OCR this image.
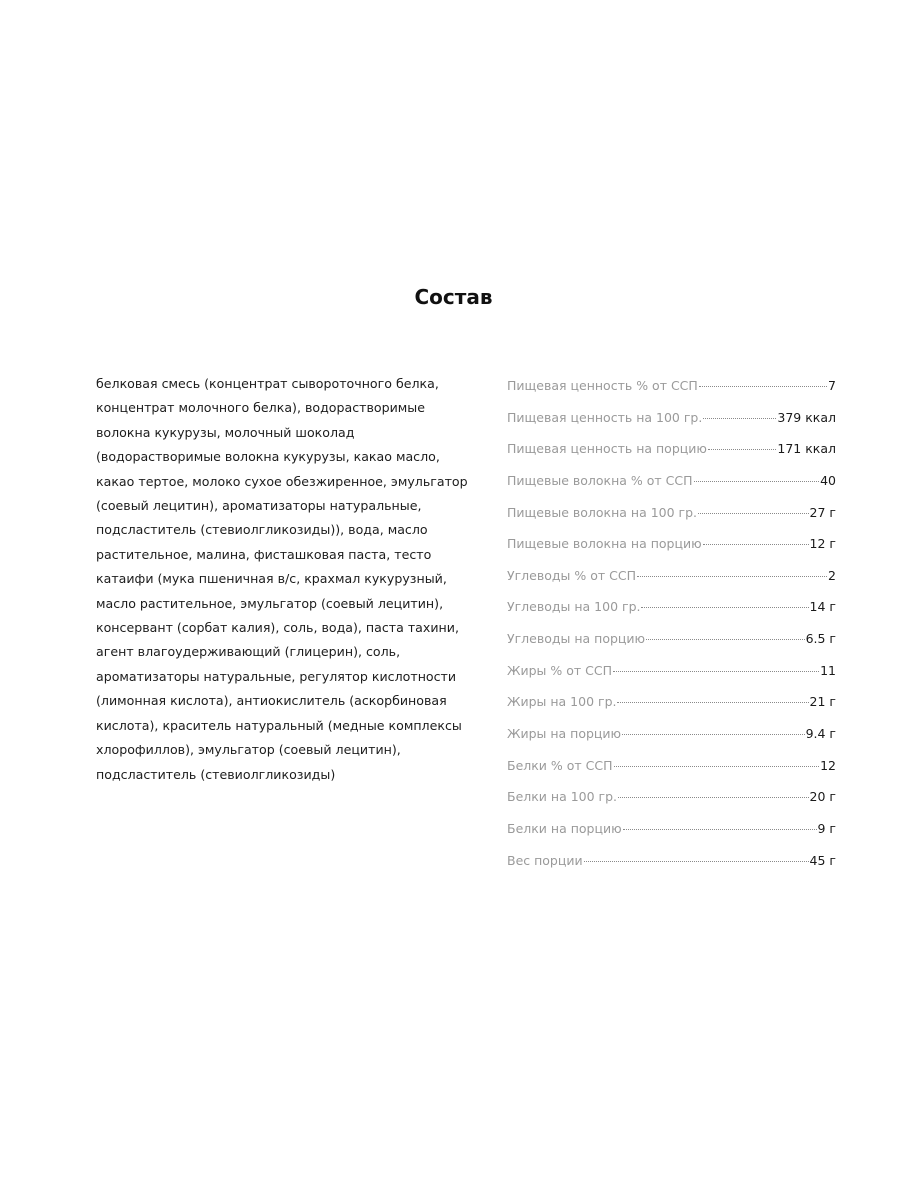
Состав

белковая смесь (концентрат сывороточного белка, концентрат молочного белка), водорастворимые волокна кукурузы, молочный шоколад (водорастворимые волокна кукурузы, какао масло, какао тертое, молоко сухое обезжиренное, эмульгатор (соевый лецитин), ароматизаторы натуральные, подсластитель (стевиолгликозиды)), вода, масло растительное, малина, фисташковая паста, тесто катаифи (мука пшеничная в/с, крахмал кукурузный, масло растительное, эмульгатор (соевый лецитин), консервант (сорбат калия), соль, вода), паста тахини, агент влагоудерживающий (глицерин), соль, ароматизаторы натуральные, регулятор кислотности (лимонная кислота), антиокислитель (аскорбиновая кислота), краситель натуральный (медные комплексы хлорофиллов), эмульгатор (соевый лецитин), подсластитель (стевиолгликозиды)

Пищевая ценность % от ССП	7
Пищевая ценность на 100 гр.	379 ккал
Пищевая ценность на порцию	171 ккал
Пищевые волокна % от ССП	40
Пищевые волокна на 100 гр.	27 г
Пищевые волокна на порцию	12 г
Углеводы % от ССП	2
Углеводы на 100 гр.	14 г
Углеводы на порцию	6.5 г
Жиры % от ССП	11
Жиры на 100 гр.	21 г
Жиры на порцию	9.4 г
Белки % от ССП	12
Белки на 100 гр.	20 г
Белки на порцию	9 г
Вес порции	45 г
